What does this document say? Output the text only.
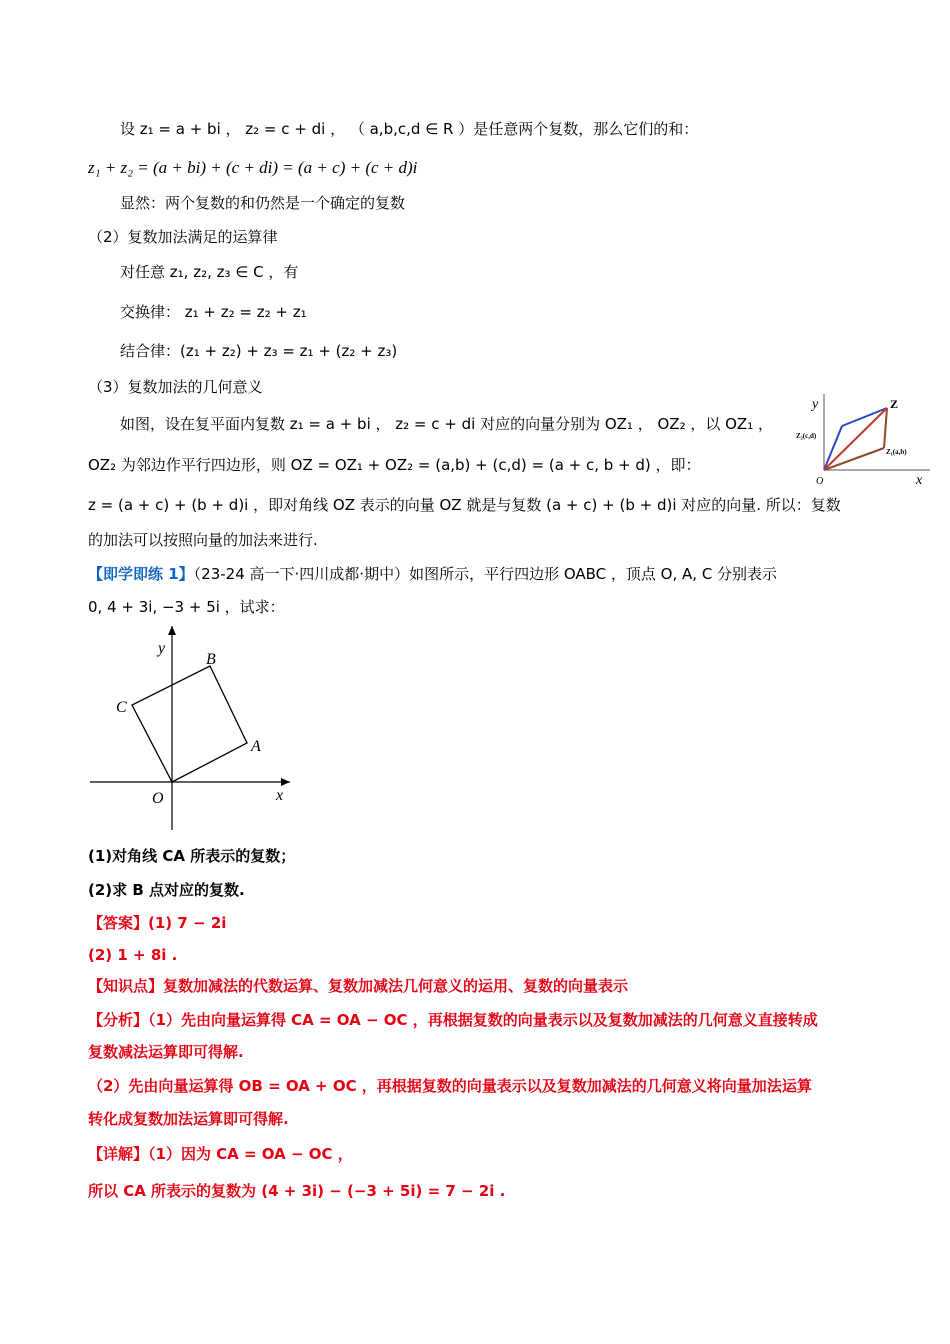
设 z₁ = a + bi ， z₂ = c + di ， （ a,b,c,d ∈ R ）是任意两个复数，那么它们的和：
z₁ + z₂ = (a + bi) + (c + di) = (a + c) + (c + d)i
显然：两个复数的和仍然是一个确定的复数
（2）复数加法满足的运算律
对任意 z₁, z₂, z₃ ∈ C ，有
交换律： z₁ + z₂ = z₂ + z₁
结合律：(z₁ + z₂) + z₃ = z₁ + (z₂ + z₃)
（3）复数加法的几何意义
如图，设在复平面内复数 z₁ = a + bi ， z₂ = c + di 对应的向量分别为 OZ₁ ， OZ₂ ，以 OZ₁ ，
OZ₂ 为邻边作平行四边形，则 OZ = OZ₁ + OZ₂ = (a,b) + (c,d) = (a + c, b + d) ，即：
z = (a + c) + (b + d)i ，即对角线 OZ 表示的向量 OZ 就是与复数 (a + c) + (b + d)i 对应的向量. 所以：复数
的加法可以按照向量的加法来进行.
【即学即练 1】（23-24 高一下·四川成都·期中）如图所示，平行四边形 OABC ，顶点 O, A, C 分别表示
0, 4 + 3i, −3 + 5i ，试求：
y
x
O
Z
Z₁(a,b)
Z₂(c,d)
y
x
O
A
B
C
(1)对角线 CA 所表示的复数；
(2)求 B 点对应的复数.
【答案】(1) 7 − 2i
(2) 1 + 8i .
【知识点】复数加减法的代数运算、复数加减法几何意义的运用、复数的向量表示
【分析】（1）先由向量运算得 CA = OA − OC ，再根据复数的向量表示以及复数加减法的几何意义直接转成
复数减法运算即可得解.
（2）先由向量运算得 OB = OA + OC ，再根据复数的向量表示以及复数加减法的几何意义将向量加法运算
转化成复数加法运算即可得解.
【详解】（1）因为 CA = OA − OC ，
所以 CA 所表示的复数为 (4 + 3i) − (−3 + 5i) = 7 − 2i .
